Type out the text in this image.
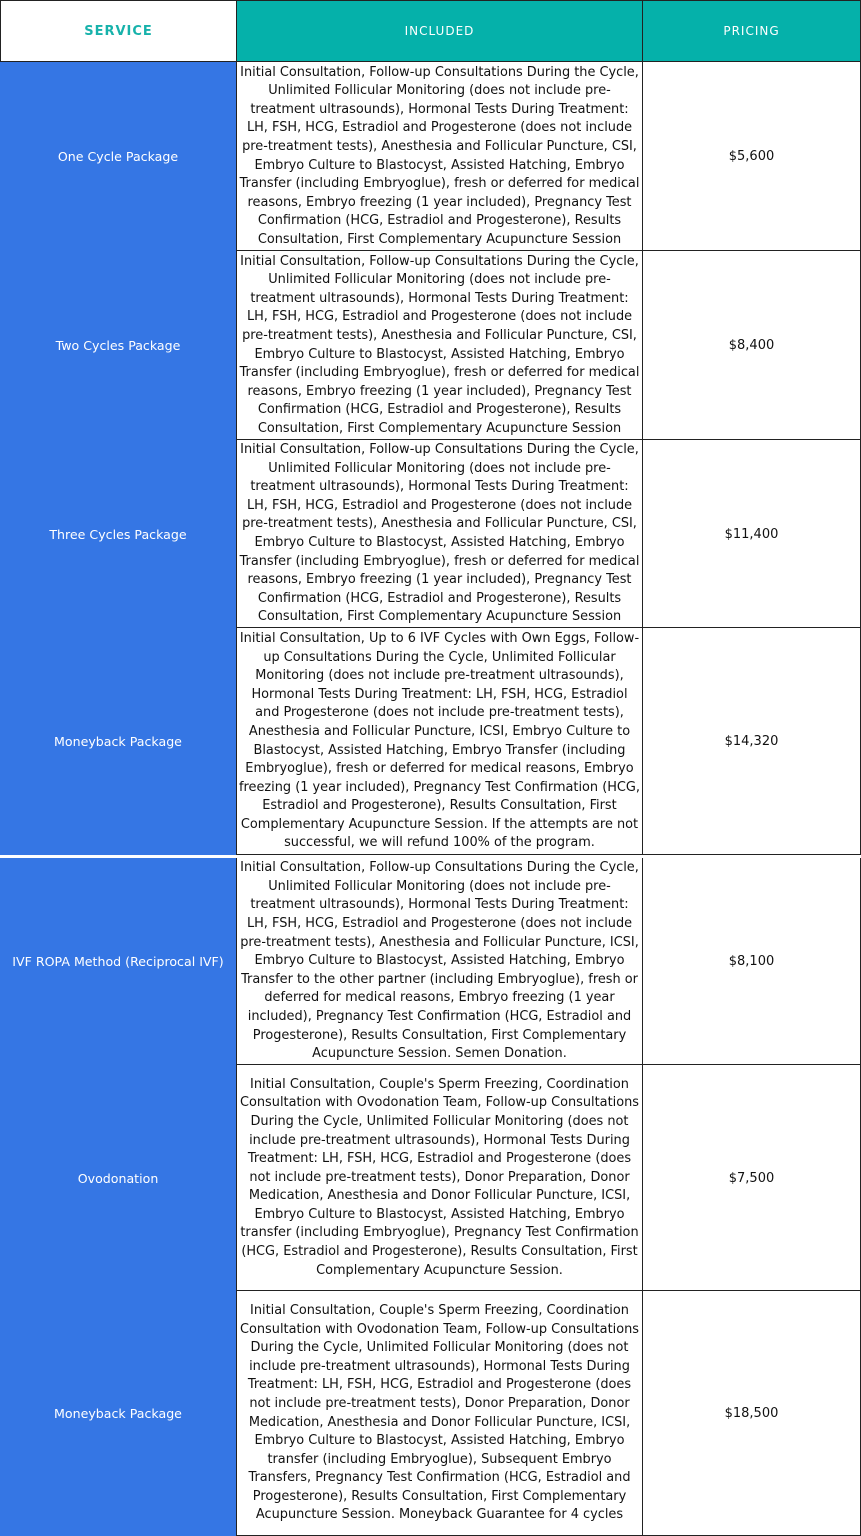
SERVICE	INCLUDED	PRICING
One Cycle Package
Initial Consultation, Follow-up Consultations During the Cycle, Unlimited Follicular Monitoring (does not include pre-treatment ultrasounds), Hormonal Tests During Treatment: LH, FSH, HCG, Estradiol and Progesterone (does not include pre-treatment tests), Anesthesia and Follicular Puncture, CSI, Embryo Culture to Blastocyst, Assisted Hatching, Embryo Transfer (including Embryoglue), fresh or deferred for medical reasons, Embryo freezing (1 year included), Pregnancy Test Confirmation (HCG, Estradiol and Progesterone), Results Consultation, First Complementary Acupuncture Session
$5,600
Two Cycles Package
Initial Consultation, Follow-up Consultations During the Cycle, Unlimited Follicular Monitoring (does not include pre-treatment ultrasounds), Hormonal Tests During Treatment: LH, FSH, HCG, Estradiol and Progesterone (does not include pre-treatment tests), Anesthesia and Follicular Puncture, CSI, Embryo Culture to Blastocyst, Assisted Hatching, Embryo Transfer (including Embryoglue), fresh or deferred for medical reasons, Embryo freezing (1 year included), Pregnancy Test Confirmation (HCG, Estradiol and Progesterone), Results Consultation, First Complementary Acupuncture Session
$8,400
Three Cycles Package
Initial Consultation, Follow-up Consultations During the Cycle, Unlimited Follicular Monitoring (does not include pre-treatment ultrasounds), Hormonal Tests During Treatment: LH, FSH, HCG, Estradiol and Progesterone (does not include pre-treatment tests), Anesthesia and Follicular Puncture, CSI, Embryo Culture to Blastocyst, Assisted Hatching, Embryo Transfer (including Embryoglue), fresh or deferred for medical reasons, Embryo freezing (1 year included), Pregnancy Test Confirmation (HCG, Estradiol and Progesterone), Results Consultation, First Complementary Acupuncture Session
$11,400
Moneyback Package
Initial Consultation, Up to 6 IVF Cycles with Own Eggs, Follow-up Consultations During the Cycle, Unlimited Follicular Monitoring (does not include pre-treatment ultrasounds), Hormonal Tests During Treatment: LH, FSH, HCG, Estradiol and Progesterone (does not include pre-treatment tests), Anesthesia and Follicular Puncture, ICSI, Embryo Culture to Blastocyst, Assisted Hatching, Embryo Transfer (including Embryoglue), fresh or deferred for medical reasons, Embryo freezing (1 year included), Pregnancy Test Confirmation (HCG, Estradiol and Progesterone), Results Consultation, First Complementary Acupuncture Session. If the attempts are not successful, we will refund 100% of the program.
$14,320
IVF ROPA Method (Reciprocal IVF)
Initial Consultation, Follow-up Consultations During the Cycle, Unlimited Follicular Monitoring (does not include pre-treatment ultrasounds), Hormonal Tests During Treatment: LH, FSH, HCG, Estradiol and Progesterone (does not include pre-treatment tests), Anesthesia and Follicular Puncture, ICSI, Embryo Culture to Blastocyst, Assisted Hatching, Embryo Transfer to the other partner (including Embryoglue), fresh or deferred for medical reasons, Embryo freezing (1 year included), Pregnancy Test Confirmation (HCG, Estradiol and Progesterone), Results Consultation, First Complementary Acupuncture Session. Semen Donation.
$8,100
Ovodonation
Initial Consultation, Couple's Sperm Freezing, Coordination Consultation with Ovodonation Team, Follow-up Consultations During the Cycle, Unlimited Follicular Monitoring (does not include pre-treatment ultrasounds), Hormonal Tests During Treatment: LH, FSH, HCG, Estradiol and Progesterone (does not include pre-treatment tests), Donor Preparation, Donor Medication, Anesthesia and Donor Follicular Puncture, ICSI, Embryo Culture to Blastocyst, Assisted Hatching, Embryo transfer (including Embryoglue), Pregnancy Test Confirmation (HCG, Estradiol and Progesterone), Results Consultation, First Complementary Acupuncture Session.
$7,500
Moneyback Package
Initial Consultation, Couple's Sperm Freezing, Coordination Consultation with Ovodonation Team, Follow-up Consultations During the Cycle, Unlimited Follicular Monitoring (does not include pre-treatment ultrasounds), Hormonal Tests During Treatment: LH, FSH, HCG, Estradiol and Progesterone (does not include pre-treatment tests), Donor Preparation, Donor Medication, Anesthesia and Donor Follicular Puncture, ICSI, Embryo Culture to Blastocyst, Assisted Hatching, Embryo transfer (including Embryoglue), Subsequent Embryo Transfers, Pregnancy Test Confirmation (HCG, Estradiol and Progesterone), Results Consultation, First Complementary Acupuncture Session. Moneyback Guarantee for 4 cycles
$18,500
